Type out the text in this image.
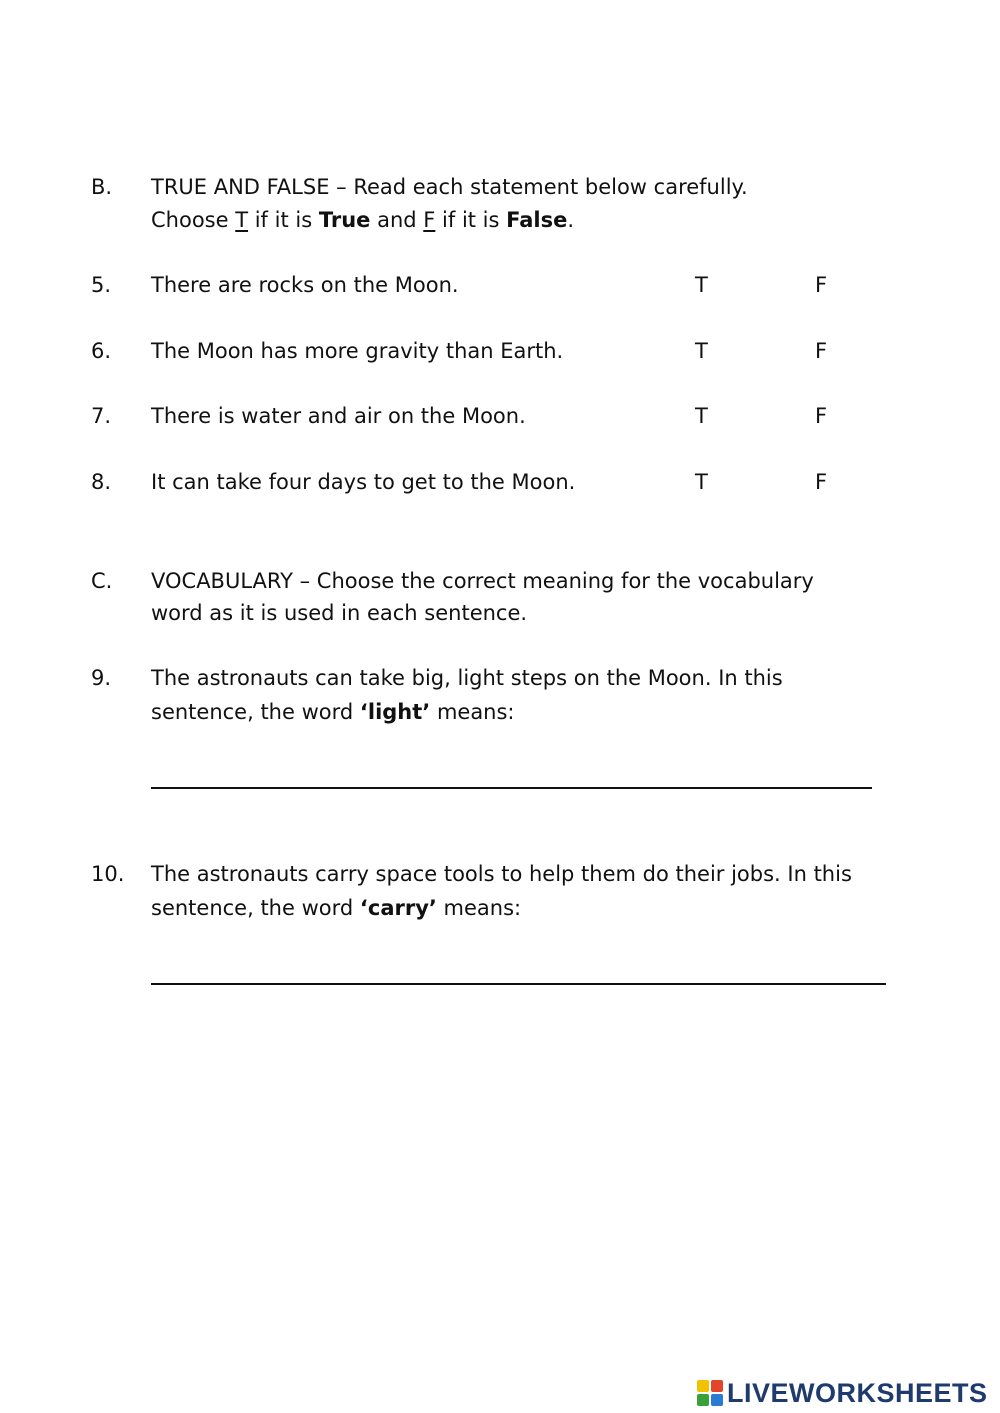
B. TRUE AND FALSE – Read each statement below carefully.
Choose T if it is True and F if it is False.
5. There are rocks on the Moon.	T	F
6. The Moon has more gravity than Earth.	T	F
7. There is water and air on the Moon.	T	F
8. It can take four days to get to the Moon.	T	F
C. VOCABULARY – Choose the correct meaning for the vocabulary
word as it is used in each sentence.
9. The astronauts can take big, light steps on the Moon. In this
sentence, the word ‘light’ means:
10. The astronauts carry space tools to help them do their jobs. In this
sentence, the word ‘carry’ means:
LIVEWORKSHEETS
